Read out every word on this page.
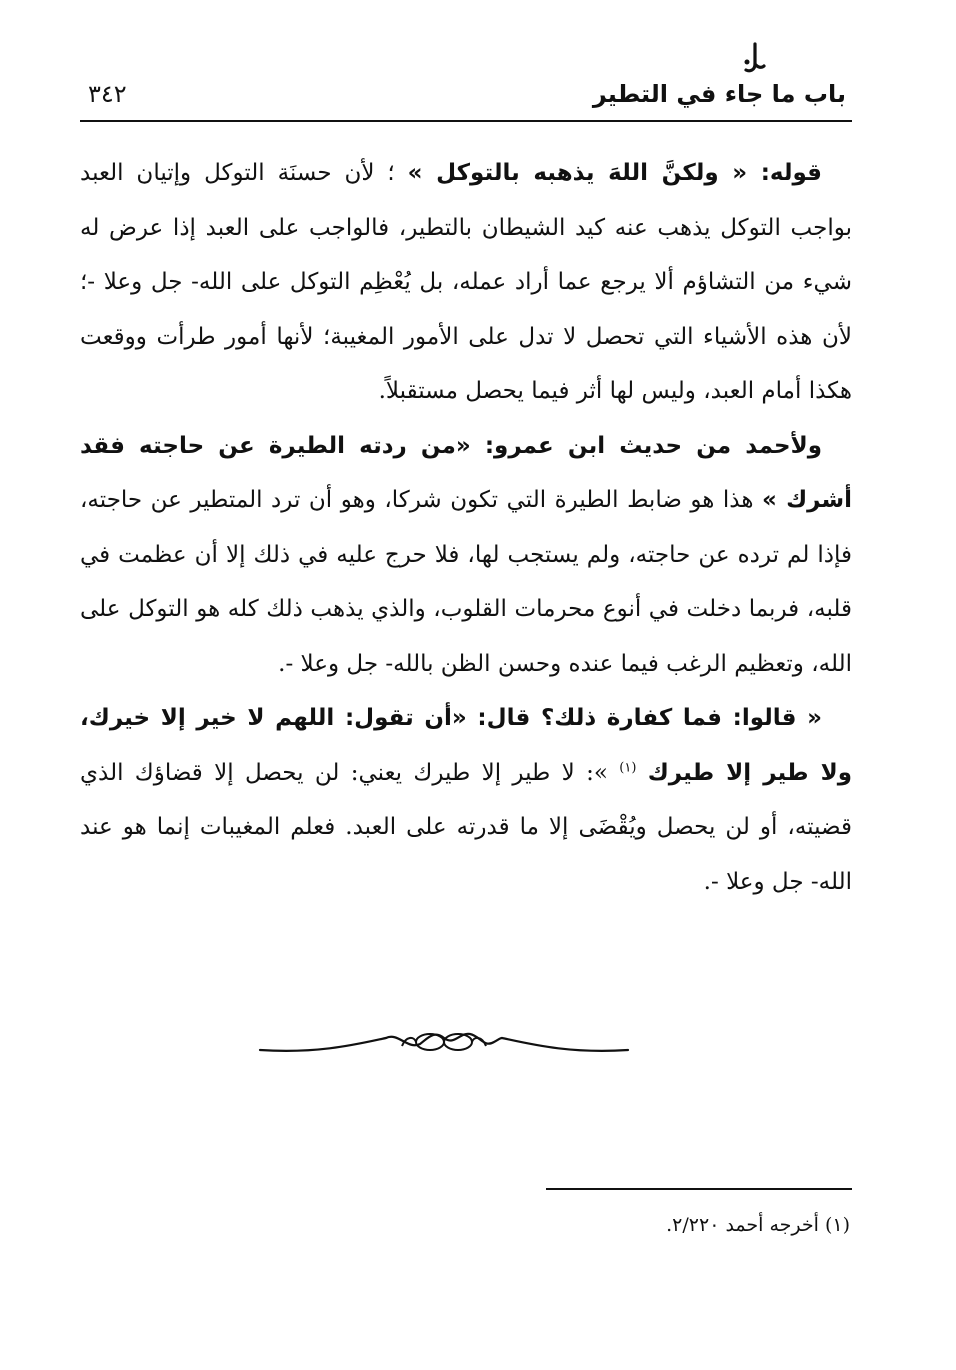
باب ما جاء في التطير
٣٤٢

قوله: « ولكنَّ اللهَ يذهبه بالتوكل » ؛ لأن حسنَة التوكل وإتيان العبد بواجب التوكل يذهب عنه كيد الشيطان بالتطير، فالواجب على العبد إذا عرض له شيء من التشاؤم ألا يرجع عما أراد عمله، بل يُعْظِم التوكل على الله- جل وعلا -؛ لأن هذه الأشياء التي تحصل لا تدل على الأمور المغيبة؛ لأنها أمور طرأت ووقعت هكذا أمام العبد، وليس لها أثر فيما يحصل مستقبلاً.

ولأحمد من حديث ابن عمرو: «من ردته الطيرة عن حاجته فقد أشرك » هذا هو ضابط الطيرة التي تكون شركا، وهو أن ترد المتطير عن حاجته، فإذا لم ترده عن حاجته، ولم يستجب لها، فلا حرج عليه في ذلك إلا أن عظمت في قلبه، فربما دخلت في أنوع محرمات القلوب، والذي يذهب ذلك كله هو التوكل على الله، وتعظيم الرغب فيما عنده وحسن الظن بالله- جل وعلا -.

« قالوا: فما كفارة ذلك؟ قال: «أن تقول: اللهم لا خير إلا خيرك، ولا طير إلا طيرك $^{(١)}$ »: لا طير إلا طيرك يعني: لن يحصل إلا قضاؤك الذي قضيته، أو لن يحصل ويُقْضَى إلا ما قدرته على العبد. فعلم المغيبات إنما هو عند الله- جل وعلا -.

(١) أخرجه أحمد ٢/٢٢٠.
